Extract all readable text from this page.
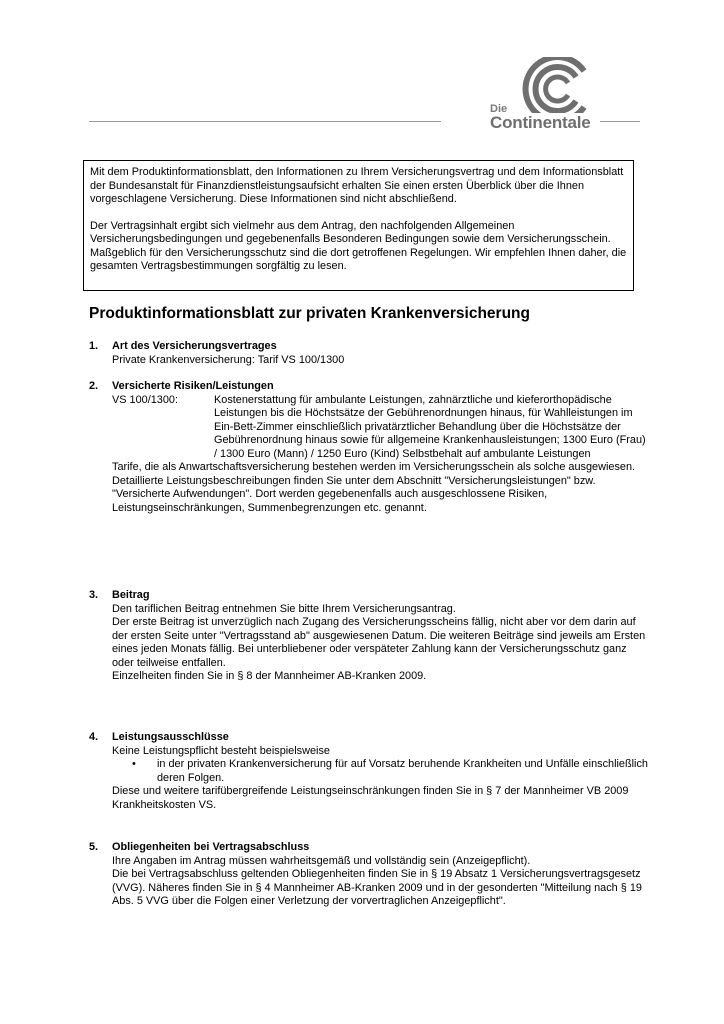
Die
Continentale

Mit dem Produktinformationsblatt, den Informationen zu Ihrem Versicherungsvertrag und dem Informationsblatt der Bundesanstalt für Finanzdienstleistungsaufsicht erhalten Sie einen ersten Überblick über die Ihnen vorgeschlagene Versicherung. Diese Informationen sind nicht abschließend.

Der Vertragsinhalt ergibt sich vielmehr aus dem Antrag, den nachfolgenden Allgemeinen Versicherungsbedingungen und gegebenenfalls Besonderen Bedingungen sowie dem Versicherungsschein. Maßgeblich für den Versicherungsschutz sind die dort getroffenen Regelungen. Wir empfehlen Ihnen daher, die gesamten Vertragsbestimmungen sorgfältig zu lesen.

Produktinformationsblatt zur privaten Krankenversicherung
1. Art des Versicherungsvertrages

Private Krankenversicherung: Tarif VS 100/1300

2. Versicherte Risiken/Leistungen

VS 100/1300:	Kostenerstattung für ambulante Leistungen, zahnärztliche und kieferorthopädische Leistungen bis die Höchstsätze der Gebührenordnungen hinaus, für Wahlleistungen im Ein-Bett-Zimmer einschließlich privatärztlicher Behandlung über die Höchstsätze der Gebührenordnung hinaus sowie für allgemeine Krankenhausleistungen; 1300 Euro (Frau) / 1300 Euro (Mann) / 1250 Euro (Kind) Selbstbehalt auf ambulante Leistungen

Tarife, die als Anwartschaftsversicherung bestehen werden im Versicherungsschein als solche ausgewiesen.

Detaillierte Leistungsbeschreibungen finden Sie unter dem Abschnitt "Versicherungsleistungen" bzw. "Versicherte Aufwendungen". Dort werden gegebenenfalls auch ausgeschlossene Risiken, Leistungseinschränkungen, Summenbegrenzungen etc. genannt.

3. Beitrag

Den tariflichen Beitrag entnehmen Sie bitte Ihrem Versicherungsantrag.

Der erste Beitrag ist unverzüglich nach Zugang des Versicherungsscheins fällig, nicht aber vor dem darin auf der ersten Seite unter "Vertragsstand ab" ausgewiesenen Datum. Die weiteren Beiträge sind jeweils am Ersten eines jeden Monats fällig. Bei unterbliebener oder verspäteter Zahlung kann der Versicherungsschutz ganz oder teilweise entfallen.

Einzelheiten finden Sie in § 8 der Mannheimer AB-Kranken 2009.

4. Leistungsausschlüsse

Keine Leistungspflicht besteht beispielsweise

•	in der privaten Krankenversicherung für auf Vorsatz beruhende Krankheiten und Unfälle einschließlich deren Folgen.

Diese und weitere tarifübergreifende Leistungseinschränkungen finden Sie in § 7 der Mannheimer VB 2009 Krankheitskosten VS.

5. Obliegenheiten bei Vertragsabschluss

Ihre Angaben im Antrag müssen wahrheitsgemäß und vollständig sein (Anzeigepflicht).

Die bei Vertragsabschluss geltenden Obliegenheiten finden Sie in § 19 Absatz 1 Versicherungsvertragsgesetz (VVG). Näheres finden Sie in § 4 Mannheimer AB-Kranken 2009 und in der gesonderten "Mitteilung nach § 19 Abs. 5 VVG über die Folgen einer Verletzung der vorvertraglichen Anzeigepflicht".
